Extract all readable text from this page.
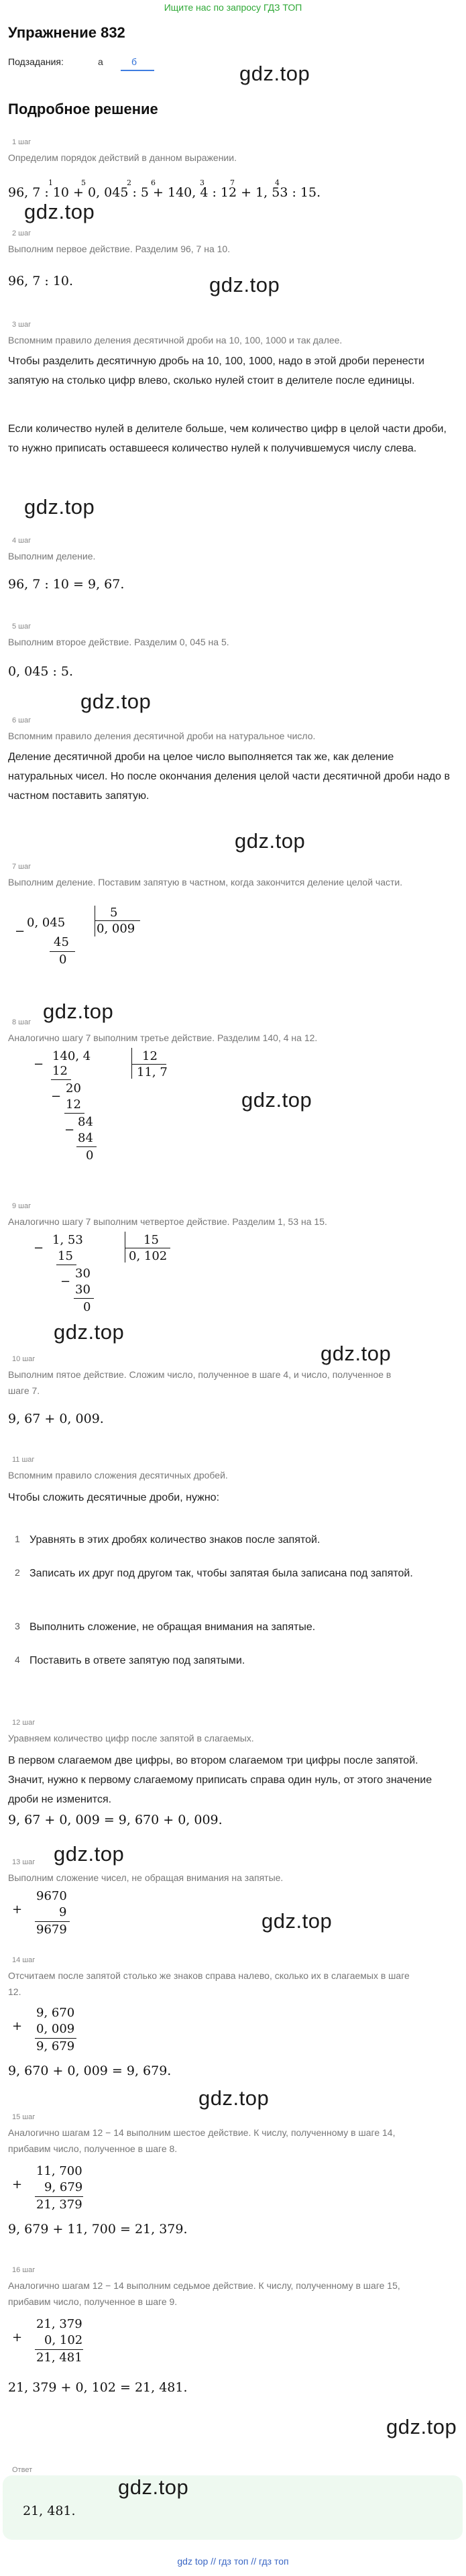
Ищите нас по запросу ГДЗ ТОП
Упражнение 832
Подзадания:	а	б	gdz.top
Подробное решение
1 шаг
Определим порядок действий в данном выражении.
96, 7 : 10 + 0, 045 : 5 + 140, 4 : 12 + 1, 53 : 15.
1	5	2	6	3	7	4
gdz.top
2 шаг
Выполним первое действие. Разделим 96, 7 на 10.
gdz.top
96, 7 : 10.
3 шаг
Вспомним правило деления десятичной дроби на 10, 100, 1000 и так далее.
Чтобы разделить десятичную дробь на 10, 100, 1000, надо в этой дроби перенести запятую на столько цифр влево, сколько нулей стоит в делителе после единицы.
Если количество нулей в делителе больше, чем количество цифр в целой части дроби, то нужно приписать оставшееся количество нулей к получившемуся числу слева.
gdz.top
4 шаг
Выполним деление.
96, 7 : 10 = 9, 67.
5 шаг
Выполним второе действие. Разделим 0, 045 на 5.
0, 045 : 5.
gdz.top
6 шаг
Вспомним правило деления десятичной дроби на натуральное число.
Деление десятичной дроби на целое число выполняется так же, как деление натуральных чисел. Но после окончания деления целой части десятичной дроби надо в частном поставить запятую.
gdz.top
7 шаг
Выполним деление. Поставим запятую в частном, когда закончится деление целой части.
0, 045
5
0, 009
−
45
0
gdz.top
8 шаг
Аналогично шагу 7 выполним третье действие. Разделим 140, 4 на 12.
140, 4	12
11, 7
− 12
20
−
12
84
−
84
0
gdz.top
9 шаг
Аналогично шагу 7 выполним четвертое действие. Разделим 1, 53 на 15.
1, 53	15
0, 102
−
15
30
−
30
0
gdz.top
10 шаг
Выполним пятое действие. Сложим число, полученное в шаге 4, и число, полученное в
шаге 7.
gdz.top
9, 67 + 0, 009.
11 шаг
Вспомним правило сложения десятичных дробей.
Чтобы сложить десятичные дроби, нужно:
1 Уравнять в этих дробях количество знаков после запятой.
2 Записать их друг под другом так, чтобы запятая была записана под запятой.
3 Выполнить сложение, не обращая внимания на запятые.
4 Поставить в ответе запятую под запятыми.
12 шаг
Уравняем количество цифр после запятой в слагаемых.
В первом слагаемом две цифры, во втором слагаемом три цифры после запятой. Значит, нужно к первому слагаемому приписать справа один нуль, от этого значение дроби не изменится.
9, 67 + 0, 009 = 9, 670 + 0, 009.
13 шаг gdz.top
Выполним сложение чисел, не обращая внимания на запятые.
+
9670
9
9679	gdz.top
14 шаг
Отсчитаем после запятой столько же знаков справа налево, сколько их в слагаемых в шаге
12.
+
9, 670
0, 009
9, 679
9, 670 + 0, 009 = 9, 679.
gdz.top
15 шаг
Аналогично шагам 12 − 14 выполним шестое действие. К числу, полученному в шаге 14,
прибавим число, полученное в шаге 8.
+
11, 700
9, 679
21, 379
9, 679 + 11, 700 = 21, 379.
16 шаг
Аналогично шагам 12 − 14 выполним седьмое действие. К числу, полученному в шаге 15,
прибавим число, полученное в шаге 9.
+
21, 379
0, 102
21, 481
21, 379 + 0, 102 = 21, 481.
gdz.top
Ответ
21, 481.
gdz.top
gdz top // гдз топ // гдз топ
